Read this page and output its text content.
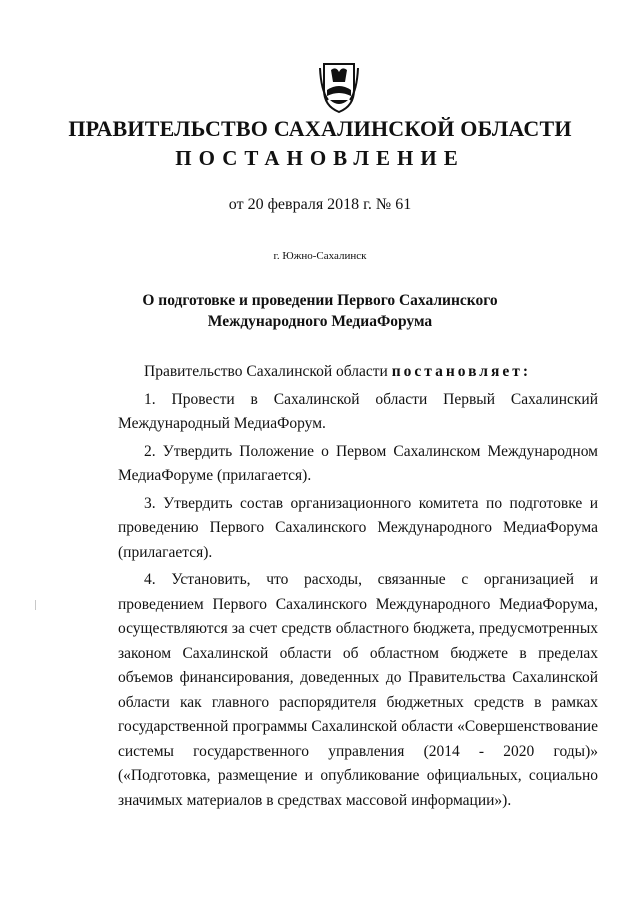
ПРАВИТЕЛЬСТВО САХАЛИНСКОЙ ОБЛАСТИ
ПОСТАНОВЛЕНИЕ

от 20 февраля 2018 г. № 61

г. Южно-Сахалинск

О подготовке и проведении Первого Сахалинского
Международного МедиаФорума

Правительство Сахалинской области постановляет:

1. Провести в Сахалинской области Первый Сахалинский Международный МедиаФорум.

2. Утвердить Положение о Первом Сахалинском Международном МедиаФоруме (прилагается).

3. Утвердить состав организационного комитета по подготовке и проведению Первого Сахалинского Международного МедиаФорума (прилагается).

4. Установить, что расходы, связанные с организацией и проведением Первого Сахалинского Международного МедиаФорума, осуществляются за счет средств областного бюджета, предусмотренных законом Сахалинской области об областном бюджете в пределах объемов финансирования, доведенных до Правительства Сахалинской области как главного распорядителя бюджетных средств в рамках государственной программы Сахалинской области «Совершенствование системы государственного управления (2014 - 2020 годы)» («Подготовка, размещение и опубликование официальных, социально значимых материалов в средствах массовой информации»).
